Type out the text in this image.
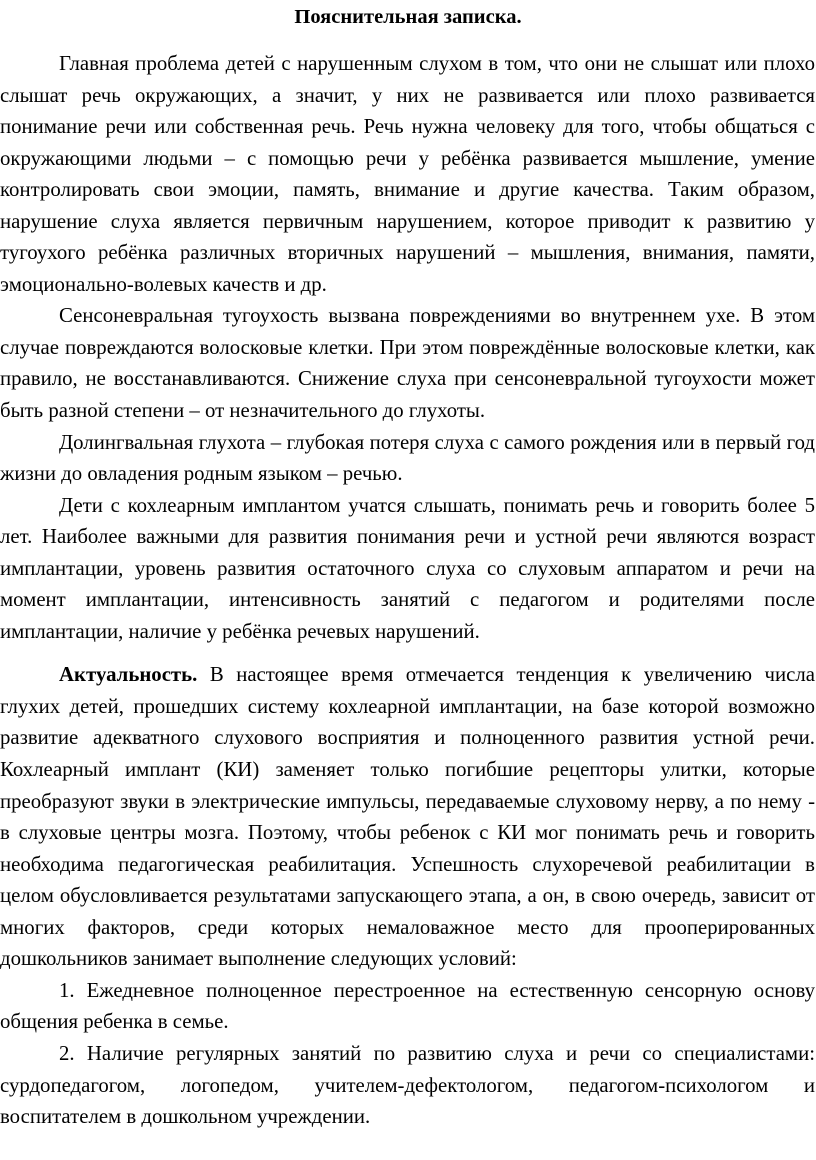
Пояснительная записка.

Главная проблема детей с нарушенным слухом в том, что они не слышат или плохо слышат речь окружающих, а значит, у них не развивается или плохо развивается понимание речи или собственная речь. Речь нужна человеку для того, чтобы общаться с окружающими людьми – с помощью речи у ребёнка развивается мышление, умение контролировать свои эмоции, память, внимание и другие качества. Таким образом, нарушение слуха является первичным нарушением, которое приводит к развитию у тугоухого ребёнка различных вторичных нарушений – мышления, внимания, памяти, эмоционально-волевых качеств и др.

Сенсоневральная тугоухость вызвана повреждениями во внутреннем ухе. В этом случае повреждаются волосковые клетки. При этом повреждённые волосковые клетки, как правило, не восстанавливаются. Снижение слуха при сенсоневральной тугоухости может быть разной степени – от незначительного до глухоты.

Долингвальная глухота – глубокая потеря слуха с самого рождения или в первый год жизни до овладения родным языком – речью.

Дети с кохлеарным имплантом учатся слышать, понимать речь и говорить более 5 лет. Наиболее важными для развития понимания речи и устной речи являются возраст имплантации, уровень развития остаточного слуха со слуховым аппаратом и речи на момент имплантации, интенсивность занятий с педагогом и родителями после имплантации, наличие у ребёнка речевых нарушений.

Актуальность. В настоящее время отмечается тенденция к увеличению числа глухих детей, прошедших систему кохлеарной имплантации, на базе которой возможно развитие адекватного слухового восприятия и полноценного развития устной речи. Кохлеарный имплант (КИ) заменяет только погибшие рецепторы улитки, которые преобразуют звуки в электрические импульсы, передаваемые слуховому нерву, а по нему - в слуховые центры мозга. Поэтому, чтобы ребенок с КИ мог понимать речь и говорить необходима педагогическая реабилитация. Успешность слухоречевой реабилитации в целом обусловливается результатами запускающего этапа, а он, в свою очередь, зависит от многих факторов, среди которых немаловажное место для прооперированных дошкольников занимает выполнение следующих условий:

1. Ежедневное полноценное перестроенное на естественную сенсорную основу общения ребенка в семье.

2. Наличие регулярных занятий по развитию слуха и речи со специалистами: сурдопедагогом, логопедом, учителем-дефектологом, педагогом-психологом и воспитателем в дошкольном учреждении.
